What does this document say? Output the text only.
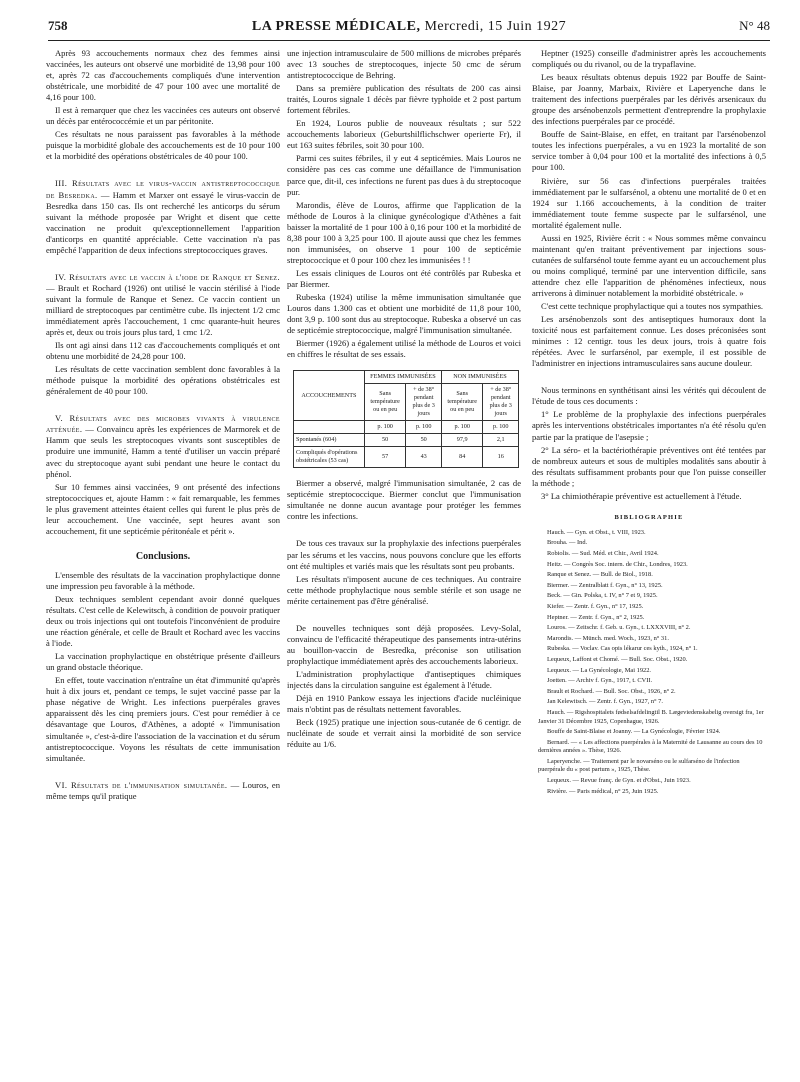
758	LA PRESSE MÉDICALE, Mercredi, 15 Juin 1927	N° 48

Après 93 accouchements normaux chez des femmes ainsi vaccinées, les auteurs ont observé une morbidité de 13,98 pour 100 et, après 72 cas d'accouchements compliqués d'une intervention obstétricale, une morbidité de 47 pour 100 avec une mortalité de 4,16 pour 100.

Il est à remarquer que chez les vaccinées ces auteurs ont observé un décès par entérococcémie et un par péritonite.

Ces résultats ne nous paraissent pas favorables à la méthode puisque la morbidité globale des accouchements est de 10 pour 100 et la morbidité des opérations obstétricales de 40 pour 100.

III. Résultats avec le virus-vaccin antistreptococcique de Besredka. — Hamm et Marxer ont essayé le virus-vaccin de Besredka dans 150 cas. Ils ont recherché les anticorps du sérum suivant la méthode proposée par Wright et disent que cette vaccination ne produit qu'exceptionnellement l'apparition d'anticorps en quantité appréciable. Cette vaccination n'a pas empêché l'apparition de deux infections streptococciques graves.

IV. Résultats avec le vaccin à l'iode de Ranque et Senez. — Brault et Rochard (1926) ont utilisé le vaccin stérilisé à l'iode suivant la formule de Ranque et Senez. Ce vaccin contient un milliard de streptocoques par centimètre cube. Ils injectent 1/2 cmc immédiatement après l'accouchement, 1 cmc quarante-huit heures après et, deux ou trois jours plus tard, 1 cmc 1/2.

Ils ont agi ainsi dans 112 cas d'accouchements compliqués et ont obtenu une morbidité de 24,28 pour 100.

Les résultats de cette vaccination semblent donc favorables à la méthode puisque la morbidité des opérations obstétricales est généralement de 40 pour 100.

V. Résultats avec des microbes vivants à virulence atténuée. — Convaincu après les expériences de Marmorek et de Hamm que seuls les streptocoques vivants sont susceptibles de produire une immunité, Hamm a tenté d'utiliser un vaccin préparé avec du streptocoque ayant subi pendant une heure le contact du phénol.

Sur 10 femmes ainsi vaccinées, 9 ont présenté des infections streptococciques et, ajoute Hamm : « fait remarquable, les femmes le plus gravement atteintes étaient celles qui furent le plus près de leur accouchement. Une vaccinée, sept heures avant son accouchement, fit une septicémie péritonéale et périt ».

Conclusions.

L'ensemble des résultats de la vaccination prophylactique donne une impression peu favorable à la méthode.

Deux techniques semblent cependant avoir donné quelques résultats. C'est celle de Kelewitsch, à condition de pouvoir pratiquer deux ou trois injections qui ont toutefois l'inconvénient de produire une réaction générale, et celle de Brault et Rochard avec les vaccins à l'iode.

La vaccination prophylactique en obstétrique présente d'ailleurs un grand obstacle théorique.

En effet, toute vaccination n'entraîne un état d'immunité qu'après huit à dix jours et, pendant ce temps, le sujet vacciné passe par la phase négative de Wright. Les infections puerpérales graves apparaissent dès les cinq premiers jours. C'est pour remédier à ce désavantage que Louros, d'Athènes, a adopté « l'immunisation simultanée », c'est-à-dire l'association de la vaccination et du sérum antistreptococcique. Voyons les résultats de cette immunisation simultanée.

VI. Résultats de l'immunisation simultanée. — Louros, en même temps qu'il pratique

une injection intramusculaire de 500 millions de microbes préparés avec 13 souches de streptocoques, injecte 50 cmc de sérum antistreptococcique de Behring.

Dans sa première publication des résultats de 200 cas ainsi traités, Louros signale 1 décès par fièvre typhoïde et 2 post partum fortement fébriles.

En 1924, Louros publie de nouveaux résultats ; sur 522 accouchements laborieux (Geburtshilflichschwer operierte Fr), il eut 163 suites fébriles, soit 30 pour 100.

Parmi ces suites fébriles, il y eut 4 septicémies. Mais Louros ne considère pas ces cas comme une défaillance de l'immunisation parce que, dit-il, ces infections ne furent pas dues à du streptocoque pur.

Marondis, élève de Louros, affirme que l'application de la méthode de Louros à la clinique gynécologique d'Athènes a fait baisser la mortalité de 1 pour 100 à 0,16 pour 100 et la morbidité de 8,38 pour 100 à 3,25 pour 100. Il ajoute aussi que chez les femmes non immunisées, on observe 1 pour 100 de septicémie streptococcique et 0 pour 100 chez les immunisées ! !

Les essais cliniques de Louros ont été contrôlés par Rubeska et par Biermer.

Rubeska (1924) utilise la même immunisation simultanée que Louros dans 1.300 cas et obtient une morbidité de 11,8 pour 100, dont 3,9 p. 100 sont dus au streptocoque. Rubeska a observé un cas de septicémie streptococcique, malgré l'immunisation simultanée.

Biermer (1926) a également utilisé la méthode de Louros et voici en chiffres le résultat de ses essais.

ACCOUCHEMENTS	FEMMES IMMUNISÉES		NON IMMUNISÉES	
	Sans température ou en peu	+ de 38° pendant plus de 3 jours	Sans température ou en peu	+ de 38° pendant plus de 3 jours
	p. 100	p. 100	p. 100	p. 100
Spontanés (604)	50	50	97,9	2,1
Compliqués d'opérations obstétricales (53 cas)	57	43	84	16

Biermer a observé, malgré l'immunisation simultanée, 2 cas de septicémie streptococcique. Biermer conclut que l'immunisation simultanée ne donne aucun avantage pour protéger les femmes contre les infections.

De tous ces travaux sur la prophylaxie des infections puerpérales par les sérums et les vaccins, nous pouvons conclure que les efforts ont été multiples et variés mais que les résultats sont peu probants.

Les résultats n'imposent aucune de ces techniques. Au contraire cette méthode prophylactique nous semble stérile et son usage ne mérite certainement pas d'être généralisé.

De nouvelles techniques sont déjà proposées. Levy-Solal, convaincu de l'efficacité thérapeutique des pansements intra-utérins au bouillon-vaccin de Besredka, préconise son utilisation prophylactique immédiatement après des accouchements laborieux.

L'administration prophylactique d'antiseptiques chimiques injectés dans la circulation sanguine est également à l'étude.

Déjà en 1910 Pankow essaya les injections d'acide nucléinique mais n'obtint pas de résultats nettement favorables.

Beck (1925) pratique une injection sous-cutanée de 6 centigr. de nucléinate de soude et verrait ainsi la morbidité de son service réduite au 1/6.

Heptner (1925) conseille d'administrer après les accouchements compliqués ou du rivanol, ou de la trypaflavine.

Les beaux résultats obtenus depuis 1922 par Bouffe de Saint-Blaise, par Joanny, Marbaix, Rivière et Laperyenche dans le traitement des infections puerpérales par les dérivés arsenicaux du groupe des arsénobenzols permettent d'entreprendre la prophylaxie des infections puerpérales par ce procédé.

Bouffe de Saint-Blaise, en effet, en traitant par l'arsénobenzol toutes les infections puerpérales, a vu en 1923 la mortalité de son service tomber à 0,04 pour 100 et la mortalité des infections à 0,5 pour 100.

Rivière, sur 56 cas d'infections puerpérales traitées immédiatement par le sulfarsénol, a obtenu une mortalité de 0 et en 1924 sur 1.166 accouchements, à la condition de traiter immédiatement toute femme suspecte par le sulfarsénol, une mortalité également nulle.

Aussi en 1925, Rivière écrit : « Nous sommes même convaincu maintenant qu'en traitant préventivement par injections sous-cutanées de sulfarsénol toute femme ayant eu un accouchement plus ou moins compliqué, terminé par une intervention difficile, sans attendre chez elle l'apparition de phénomènes infectieux, nous arriverons à diminuer notablement la morbidité obstétricale. »

C'est cette technique prophylactique qui a toutes nos sympathies.

Les arsénobenzols sont des antiseptiques humoraux dont la toxicité nous est parfaitement connue. Les doses préconisées sont minimes : 12 centigr. tous les deux jours, trois à quatre fois répétées. Avec le surfarsénol, par exemple, il est possible de l'administrer en injections intramusculaires sans aucune douleur.

Nous terminons en synthétisant ainsi les vérités qui découlent de l'étude de tous ces documents :

1° Le problème de la prophylaxie des infections puerpérales après les interventions obstétricales importantes n'a été résolu qu'en partie par la pratique de l'asepsie ;

2° La séro- et la bactériothérapie préventives ont été tentées par de nombreux auteurs et sous de multiples modalités sans aboutir à des résultats suffisamment probants pour que l'on puisse conseiller la méthode ;

3° La chimiothérapie préventive est actuellement à l'étude.

BIBLIOGRAPHIE

Hauch. — Gyn. et Obst., t. VIII, 1923.

Brouha. — Ind.

Robiolis. — Sud. Méd. et Chir., Avril 1924.

Heitz. — Congrès Soc. intern. de Chir., Londres, 1923.

Ranque et Senez. — Bull. de Biol., 1918.

Biermer. — Zentralblatt f. Gyn., n° 13, 1925.

Beck. — Gin. Polska, t. IV, n° 7 et 9, 1925.

Kiefer. — Zentr. f. Gyn., n° 17, 1925.

Heptner. — Zentr. f. Gyn., n° 2, 1925.

Louros. — Zeitschr. f. Geb. u. Gyn., t. LXXXVIII, n° 2.

Marondis. — Münch. med. Woch., 1923, n° 31.

Rubeska. — Voclav. Cas opis lékarur ces kyth., 1924, n° 1.

Lequeux, Laffont et Chomé. — Bull. Soc. Obst., 1920.

Lequeux. — La Gynécologie, Mai 1922.

Joetten. — Archiv f. Gyn., 1917, t. CVII.

Brault et Rochard. — Bull. Soc. Obst., 1926, n° 2.

Jan Kelewitsch. — Zentr. f. Gyn., 1927, n° 7.

Hauch. — Rigshospitalets fødselsafdelingtil B. Lægeviedenskabelig oversigt fra, 1er Janvier 31 Décembre 1925, Copenhague, 1926.

Bouffe de Saint-Blaise et Joanny. — La Gynécologie, Février 1924.

Bernard. — « Les affections puerpérales à la Maternité de Lausanne au cours des 10 dernières années ». Thèse, 1926.

Laperyenche. — Traitement par le novarséno ou le sulfarséno de l'infection puerpérale du « post partum », 1925, Thèse.

Lequeux. — Revue franç. de Gyn. et d'Obst., Juin 1923.

Rivière. — Paris médical, n° 25, Juin 1925.
